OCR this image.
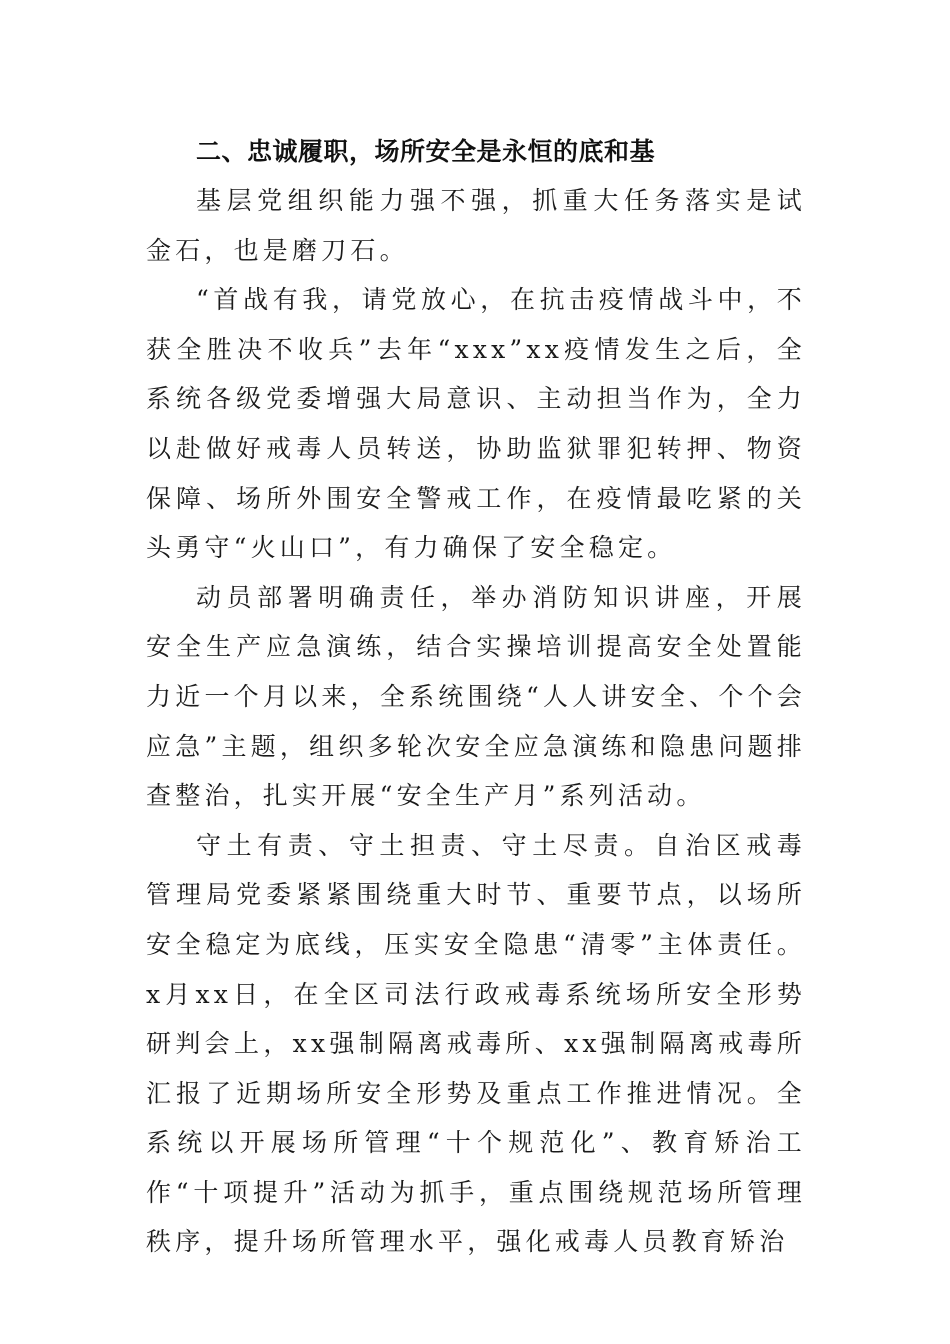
二、忠诚履职，场所安全是永恒的底和基

基层党组织能力强不强，抓重大任务落实是试金石，也是磨刀石。

“首战有我，请党放心，在抗击疫情战斗中，不获全胜决不收兵”去年“xxx”xx疫情发生之后，全系统各级党委增强大局意识、主动担当作为，全力以赴做好戒毒人员转送，协助监狱罪犯转押、物资保障、场所外围安全警戒工作，在疫情最吃紧的关头勇守“火山口”，有力确保了安全稳定。

动员部署明确责任，举办消防知识讲座，开展安全生产应急演练，结合实操培训提高安全处置能力近一个月以来，全系统围绕“人人讲安全、个个会应急”主题，组织多轮次安全应急演练和隐患问题排查整治，扎实开展“安全生产月”系列活动。

守土有责、守土担责、守土尽责。自治区戒毒管理局党委紧紧围绕重大时节、重要节点，以场所安全稳定为底线，压实安全隐患“清零”主体责任。x月xx日，在全区司法行政戒毒系统场所安全形势研判会上，xx强制隔离戒毒所、xx强制隔离戒毒所汇报了近期场所安全形势及重点工作推进情况。全系统以开展场所管理“十个规范化”、教育矫治工作“十项提升”活动为抓手，重点围绕规范场所管理秩序，提升场所管理水平，强化戒毒人员教育矫治
